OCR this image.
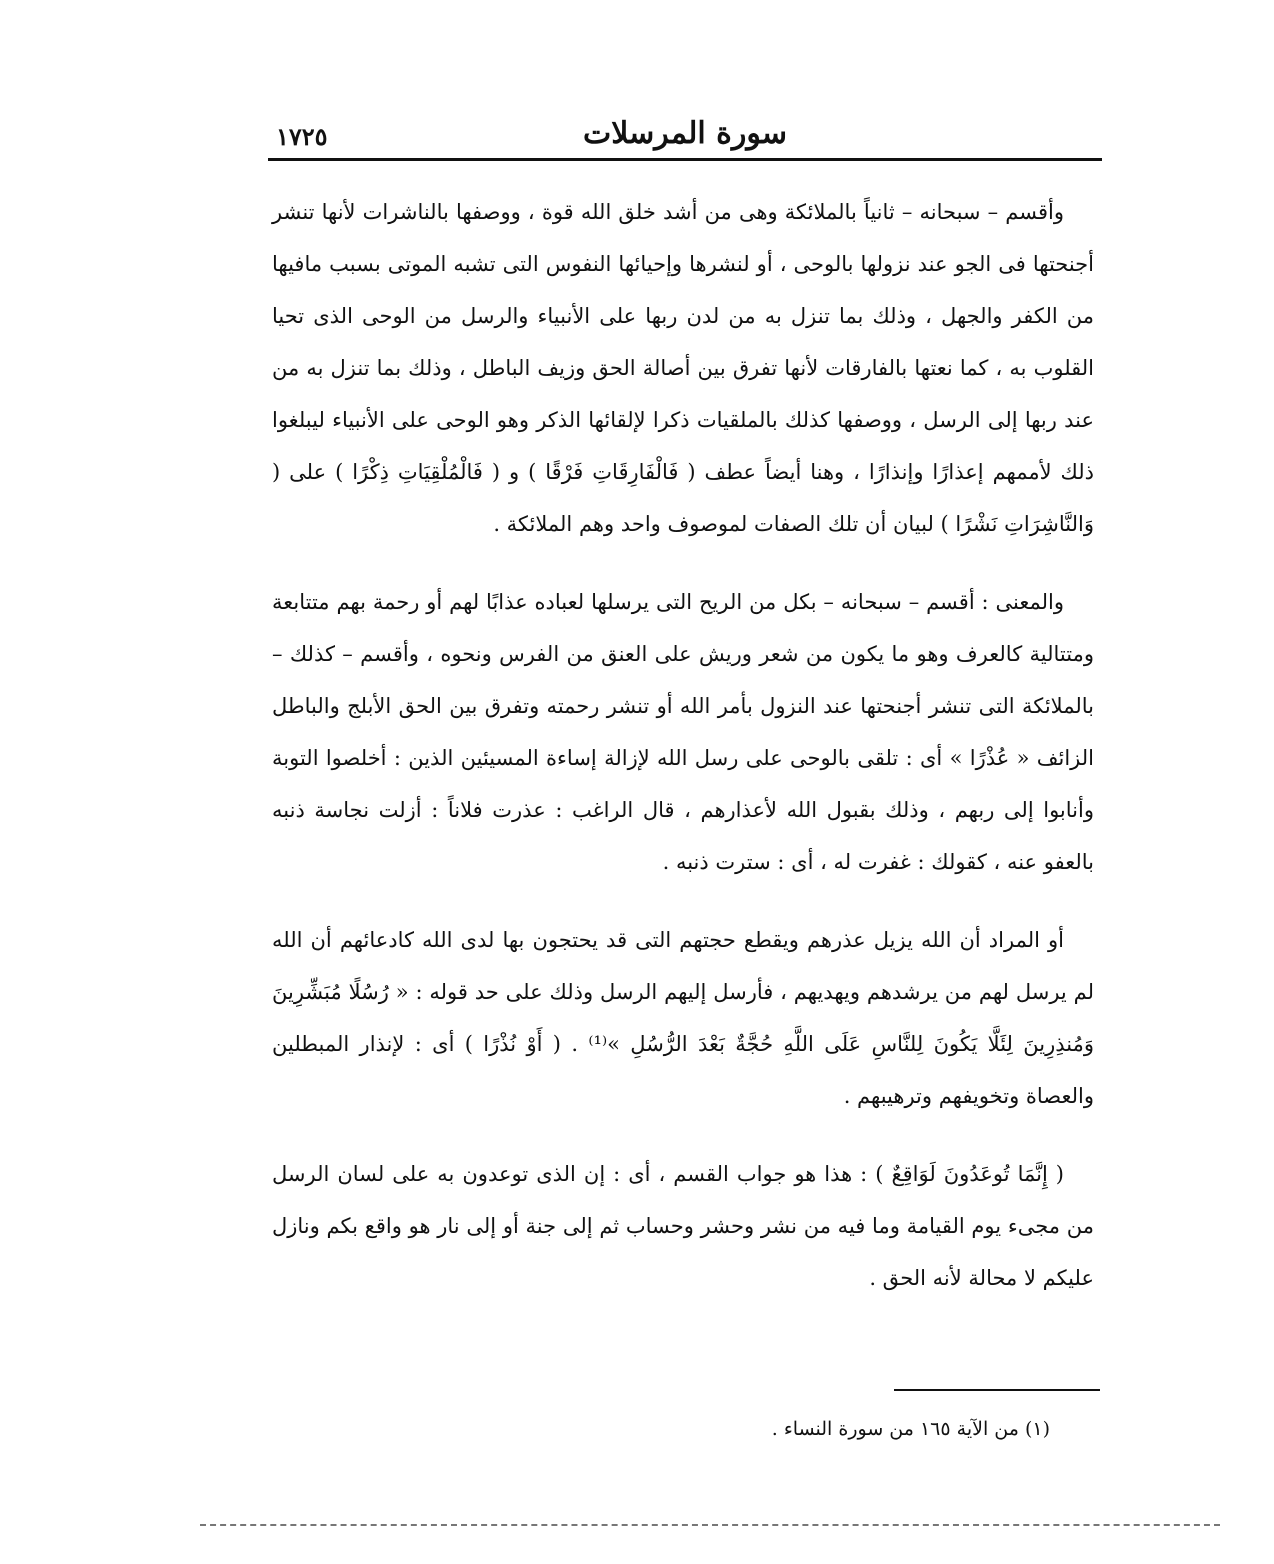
سورة المرسلات
١٧٢٥

وأقسم – سبحانه – ثانياً بالملائكة وهى من أشد خلق الله قوة ، ووصفها بالناشرات لأنها تنشر أجنحتها فى الجو عند نزولها بالوحى ، أو لنشرها وإحيائها النفوس التى تشبه الموتى بسبب مافيها من الكفر والجهل ، وذلك بما تنزل به من لدن ربها على الأنبياء والرسل من الوحى الذى تحيا القلوب به ، كما نعتها بالفارقات لأنها تفرق بين أصالة الحق وزيف الباطل ، وذلك بما تنزل به من عند ربها إلى الرسل ، ووصفها كذلك بالملقيات ذكرا لإلقائها الذكر وهو الوحى على الأنبياء ليبلغوا ذلك لأممهم إعذارًا وإنذارًا ، وهنا أيضاً عطف ( فَالْفَارِقَاتِ فَرْقًا ) و ( فَالْمُلْقِيَاتِ ذِكْرًا ) على ( وَالنَّاشِرَاتِ نَشْرًا ) لبيان أن تلك الصفات لموصوف واحد وهم الملائكة .

والمعنى : أقسم – سبحانه – بكل من الريح التى يرسلها لعباده عذابًا لهم أو رحمة بهم متتابعة ومتتالية كالعرف وهو ما يكون من شعر وريش على العنق من الفرس ونحوه ، وأقسم – كذلك – بالملائكة التى تنشر أجنحتها عند النزول بأمر الله أو تنشر رحمته وتفرق بين الحق الأبلج والباطل الزائف « عُذْرًا » أى : تلقى بالوحى على رسل الله لإزالة إساءة المسيئين الذين : أخلصوا التوبة وأنابوا إلى ربهم ، وذلك بقبول الله لأعذارهم ، قال الراغب : عذرت فلاناً : أزلت نجاسة ذنبه بالعفو عنه ، كقولك : غفرت له ، أى : سترت ذنبه .

أو المراد أن الله يزيل عذرهم ويقطع حجتهم التى قد يحتجون بها لدى الله كادعائهم أن الله لم يرسل لهم من يرشدهم ويهديهم ، فأرسل إليهم الرسل وذلك على حد قوله : « رُسُلًا مُبَشِّرِينَ وَمُنذِرِينَ لِئَلَّا يَكُونَ لِلنَّاسِ عَلَى اللَّهِ حُجَّةٌ بَعْدَ الرُّسُلِ »⁽¹⁾ . ( أَوْ نُذْرًا ) أى : لإنذار المبطلين والعصاة وتخويفهم وترهيبهم .

( إِنَّمَا تُوعَدُونَ لَوَاقِعٌ ) : هذا هو جواب القسم ، أى : إن الذى توعدون به على لسان الرسل من مجىء يوم القيامة وما فيه من نشر وحشر وحساب ثم إلى جنة أو إلى نار هو واقع بكم ونازل عليكم لا محالة لأنه الحق .

(١) من الآية ١٦٥ من سورة النساء .
